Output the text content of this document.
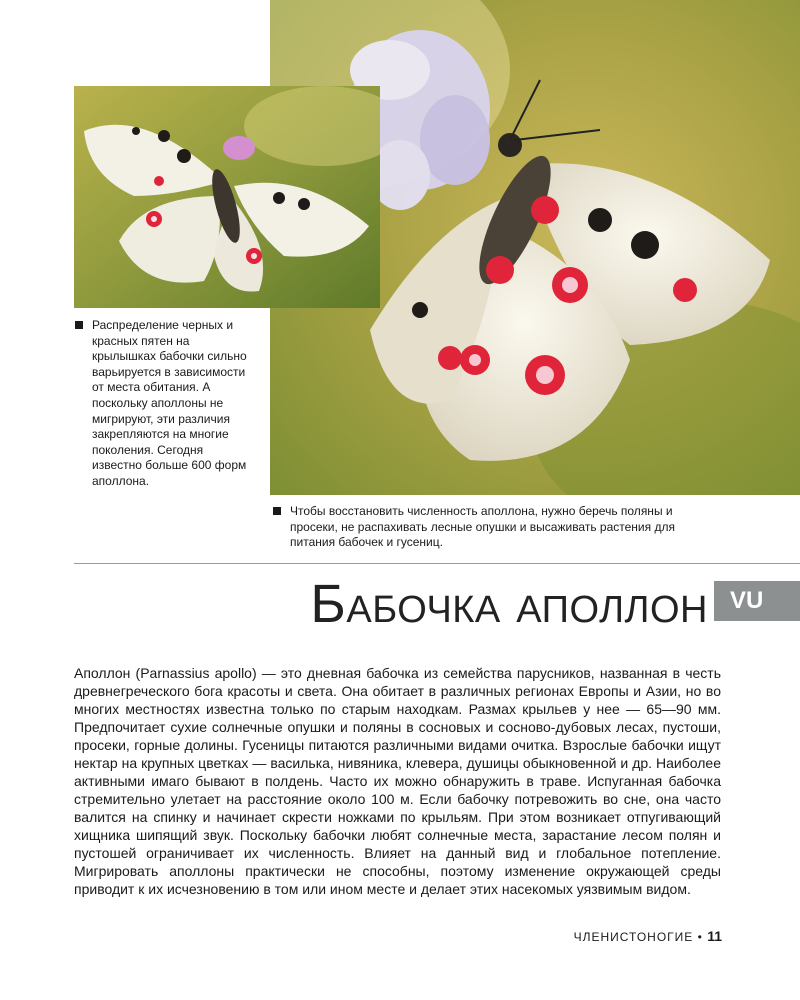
Распределение черных и красных пятен на крылышках бабочки сильно варьируется в зависимости от места обитания. А поскольку аполлоны не мигрируют, эти различия закрепляются на многие поколения. Сегодня известно больше 600 форм аполлона.
Чтобы восстановить численность аполлона, нужно беречь поляны и просеки, не распахивать лесные опушки и высаживать растения для питания бабочек и гусениц.
Бабочка аполлон VU
Аполлон (Parnassius apollo) — это дневная бабочка из семейства парусников, названная в честь древнегреческого бога красоты и света. Она обитает в различных регионах Европы и Азии, но во многих местностях известна только по старым находкам. Размах крыльев у нее — 65—90 мм. Предпочитает сухие солнечные опушки и поляны в сосновых и сосново-дубовых лесах, пустоши, просеки, горные долины. Гусеницы питаются различными видами очитка. Взрослые бабочки ищут нектар на крупных цветках — василька, нивяника, клевера, душицы обыкновенной и др. Наиболее активными имаго бывают в полдень. Часто их можно обнаружить в траве. Испуганная бабочка стремительно улетает на расстояние около 100 м. Если бабочку потревожить во сне, она часто валится на спинку и начинает скрести ножками по крыльям. При этом возникает отпугивающий хищника шипящий звук. Поскольку бабочки любят солнечные места, зарастание лесом полян и пустошей ограничивает их численность. Влияет на данный вид и глобальное потепление. Мигрировать аполлоны практически не способны, поэтому изменение окружающей среды приводит к их исчезновению в том или ином месте и делает этих насекомых уязвимым видом.
ЧЛЕНИСТОНОГИЕ • 11
